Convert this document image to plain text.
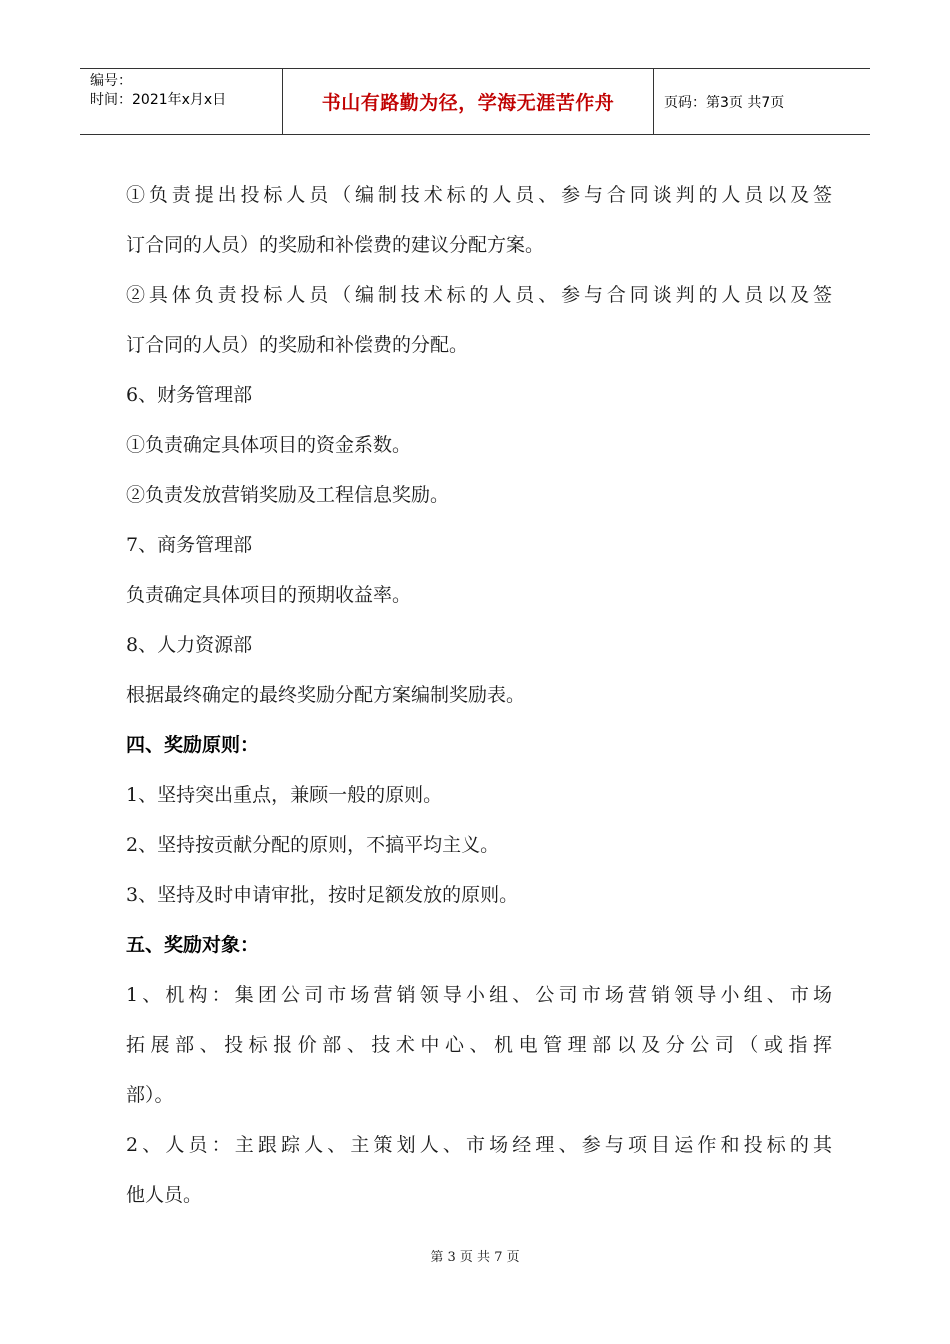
编号：
时间：2021年x月x日	书山有路勤为径，学海无涯苦作舟	页码：第3页 共7页
①负责提出投标人员（编制技术标的人员、参与合同谈判的人员以及签
订合同的人员）的奖励和补偿费的建议分配方案。
②具体负责投标人员（编制技术标的人员、参与合同谈判的人员以及签
订合同的人员）的奖励和补偿费的分配。
6、财务管理部
①负责确定具体项目的资金系数。
②负责发放营销奖励及工程信息奖励。
7、商务管理部
负责确定具体项目的预期收益率。
8、人力资源部
根据最终确定的最终奖励分配方案编制奖励表。
四、奖励原则：
1、坚持突出重点，兼顾一般的原则。
2、坚持按贡献分配的原则，不搞平均主义。
3、坚持及时申请审批，按时足额发放的原则。
五、奖励对象：
1、机构：集团公司市场营销领导小组、公司市场营销领导小组、市场
拓展部、投标报价部、技术中心、机电管理部以及分公司（或指挥
部）。
2、人员：主跟踪人、主策划人、市场经理、参与项目运作和投标的其
他人员。
第 3 页 共 7 页
